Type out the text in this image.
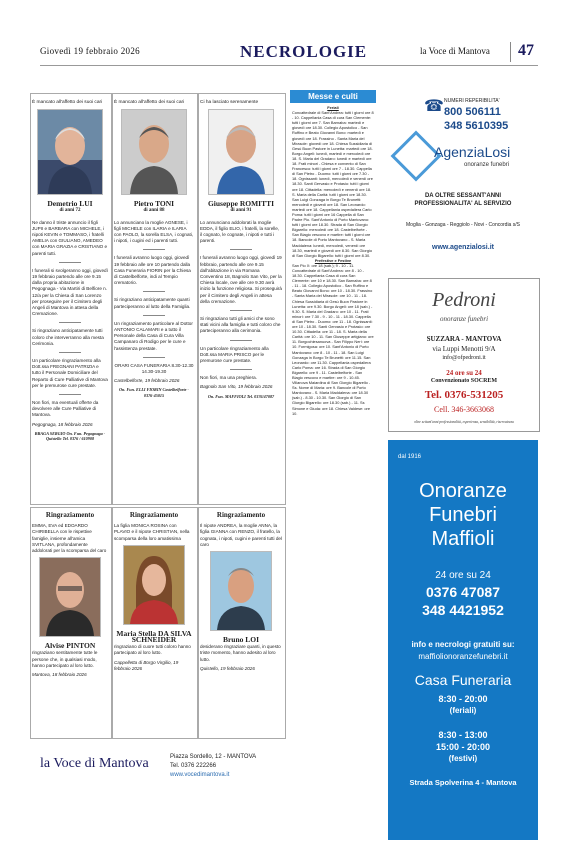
Giovedì 19 febbraio 2026	NECROLOGIE	la Voce di Mantova 47

È mancato all'affetto dei suoi cari

Demetrio LUI
di anni 72

Ne danno il triste annuncio il figli JUPII e BARBARA con MICHELE, i nipoti KEVIN e TOMMASO, i fratelli AMELIA con GIULIANO, AMEDEO con MARIA GRAZIA e CRISTIANO e parenti tutti.

I funerali si svolgeranno oggi, giovedì 19 febbraio partendo alle ore 9.15 dalla propria abitazione in Pegognaga - Via Martiri di Belfiore n. 12/a per la Chiesa di San Lorenzo per proseguire per il Cimitero degli Angeli di Mantova in attesa della Cremazione.

Si ringraziano anticipatamente tutti coloro che interverranno alla mesta Cerimonia.

Un particolare ringraziamento alla Dott.ssa FREGNANI PATRIZIA e tutto il Personale Domiciliare del Reparto di Cure Palliative di Mantova per le premurose cure prestate.

Non fiori, ma eventuali offerte da devolvere alle Cure Palliative di Mantova.

Pegognaga, 18 febbraio 2026

BRAGA SERGIO On. Fun. Pegognaga - Quistello Tel. 0376 / 610908
Ringraziamento

EMMA, EVA ed EDOARDO CHIRIBELLA con le rispettive famiglie, insieme all'amica SVITLANA, profondamente addolorati per la scomparsa del caro

Alvise PINTON

ringraziano sentitamente tutte le persone che, in qualsiasi modo, hanno partecipato al loro lutto.

Mantova, 18 febbraio 2026

È mancato all'affetto dei suoi cari

Pietro TONI
di anni 88

Lo annunciano la moglie AGNESE, i figli MICHELE con ILARIA e ILARIA con PAOLO, la sorella ELSA, i cognati, i nipoti, i cugini ed i parenti tutti.

I funerali avranno luogo oggi, giovedì 19 febbraio alle ore 10 partendo dalla Casa Funeraria FIORIN per la Chiesa di Castelbelforte, indi al Tempio crematorio.

Si ringraziano anticipatamente quanti parteciperanno al lutto della Famiglia.

Un ringraziamento particolare al Dottor ANTONIO CALAMARI e a tutto il Personale della Casa di Cura Villa Campanaro di Rodigo per le cure e l'assistenza prestate.

ORARI CASA FUNERARIA 8.30-12.30 14.30-19.30

Castelbelforte, 19 febbraio 2026

On. Fun. ELLI FIORIN Castelbelforte - 0376-45015
Ringraziamento

La figlia MONICA ROSINA con PLAVIO e il nipote CHRISTIAN, nella scomparsa della loro amatissima

Maria Stella DA SILVA SCHNEIDER

ringraziano di cuore tutti coloro hanno partecipato al loro lutto.

Cappelletta di Borgo Virgilio, 19 febbraio 2026

Ci ha lasciato serenamente

Giuseppe ROMITTI
di anni 91

Lo annunciano addolorati la moglie EDDA, il figlio ELIO, i fratelli, la sorelle, il cognato, le cognate, i nipoti e tutti i parenti.

I funerali avranno luogo oggi, giovedì 19 febbraio, partendo alle ore 9.15 dall'abitazione in via Romana Conventino 18, Bagnolo San Vito, per la Chiesa locale, ove alle ore 9.30 avrà inizio la funzione religiosa. Si proseguirà per il Cimitero degli Angeli in attesa della cremazione.

Si ringraziano tutti gli amici che sono stati vicini alla famiglia e tutti coloro che parteciperanno alla cerimonia.

Un particolare ringraziamento alla Dott.ssa MARIA PRISCO per le premurose cure prestate.

Non fiori, ma una preghiera.

Bagnolo San Vito, 19 febbraio 2026

On. Fun. MAFFIOLI Tel. 0376/47087
Ringraziamento

Il nipote ANDREA, la moglie ANNA, la figlia GIANNA con RENZO, il fratello, la cognata, i nipoti, cugini e parenti tutti del caro

Bruno LOI

desiderano ringraziare quanti, in questo triste momento, hanno adesito al loro lutto.

Quistello, 19 febbraio 2026

Messe e culti
Feriali
Concattedrale di Sant'Andrea: tutti i giorni ore 8 - 10. Cappellania Casa di cura San Clemente: tutti i giorni ore 7. San Barnaba: martedì e giovedì ore 18.30. Collegio Apostolico - San Ruffino e Beato Giovanni Bono: martedì e giovedì ore 18. Frassino - Santa Maria del Mirasole: giovedì ore 18. Chiesa Sussidiaria di Gesù Buon Pastore in Lunetta: martedì ore 18. Borgo Angeli: lunedì, martedì e mercoledì ore 18. S. Maria del Gradaro: lunedì e martedì ore 18. Frati minori - Chiesa e convento di San Francesco: tutti i giorni ore 7 - 18.30. Cappella di San Pietro - Duomo: tutti i giorni ore 7.30 - 18. Ognissanti: lunedì, mercoledì e venerdì ore 18.30. Santi Gervasio e Protasio: tutti i giorni ore 18. Cittadella: mercoledì e venerdì ore 18. S. Maria della Carità: tutti i giorni ore 18.30. San Luigi Gonzaga in Borgo Te Brunetti: mercoledì e giovedì ore 18. San Leonardo: martedì ore 18. Cappellania ospedaliera Carlo Poma: tutti i giorni ore 16 Cappella di San Padre Pio. Sant'Antonio di Porto Mantovano: tutti i giorni ore 18.30. Strada di San Giorgio Bigarello: mercoledì ore 18. Castelbelforte - San Biagio vescovo e martire: tutti i giorni ore 18. Bancole di Porto Mantovano - S. Maria Maddalena: lunedì, mercoledì, venerdì ore 18.30, martedì e giovedì ore 8.30. San Giorgio di San Giorgio Bigarello: tutti i giorni ore 8.30.
Prefestive e Festive
San Pio X: ore 18 (sab.); 9 - 10 - 11. Concattedrale di Sant'Andrea: ore 8 - 10 - 18.30. Cappellania Casa di cura San Clemente: ore 10 e 18.30. San Barnaba: ore 8 - 11 - 18. Collegio Apostolico - San Ruffino e Beato Giovanni Bono: ore 10 - 18.30. Frassino - Santa Maria del Mirasole: ore 10 - 11 - 18. Chiesa Sussidiaria di Gesù Buon Pastore in Lunetta: ore 9.30. Borgo Angeli: ore 18 (sab.) - 9.30. S. Maria del Gradaro: ore 10 - 11. Frati minori: ore 7.30 - 9 - 10 - 11 - 18.30. Cappella di San Pietro - Duomo: ore 11 - 18. Ognissanti: ore 10 - 18.30. Santi Gervasio e Protasio: ore 10.30. Cittadella: ore 11 - 18. S. Maria della Carità: ore 10 - 11. San Giuseppe artigiano: ore 11. Borgochiesanuova - San Filippo Neri: ore 10. Formigosa: ore 10. Sant'Antonio di Porto Mantovano: ore 8 - 10 - 11 - 18. San Luigi Gonzaga in Borgo Te Brunetti: ore 11.15. San Leonardo: ore 11.30. Cappellania ospedaliera Carlo Poma: ore 16. Strada di San Giorgio Bigarello: ore 9 - 11. Castelbelforte - San Biagio vescovo e martire: ore 9 - 10.45. Villanova Maiardina di San Giorgio Bigarello - Ss. Nome di Maria: ore 9. Bancole di Porto Mantovano - S. Maria Maddalena: ore 18.30 (sab.) - 8.30 - 10.30. San Giorgio di San Giorgio Bigarello: ore 18.30 (sab.) - 11. Ss Simone e Giuda: ore 18. Chiesa Valdese: ore 10.
☎ NUMERI REPERIBILITA'
800 506111
348 5610395
AgenziaLosi
onoranze funebri
DA OLTRE SESSANT'ANNI PROFESSIONALITA' AL SERVIZIO
Moglia - Gonzaga - Reggiolo - Novi - Concordia s/S
www.agenzialosi.it
Pedroni
onoranze funebri
SUZZARA - MANTOVA
via Luppi Menotti 9/A
info@ofpedroni.it
24 ore su 24
Convenzionato SOCREM
Tel. 0376-531205
Cell. 346-3663068
oltre settant'anni professionalità, esperienza, sensibilità, riservatezza
dal 1916
Onoranze
Funebri
Maffioli
24 ore su 24
0376 47087
348 4421952
info e necrologi gratuiti su:
maffiolionoranzefunebri.it
Casa Funeraria
8:30 - 20:00
(feriali)
8:30 - 13:00
15:00 - 20:00
(festivi)
Strada Spolverina 4 - Mantova
la Voce di Mantova	Piazza Sordello, 12 - MANTOVA
Tel. 0376 222266
www.vocedimantova.it
